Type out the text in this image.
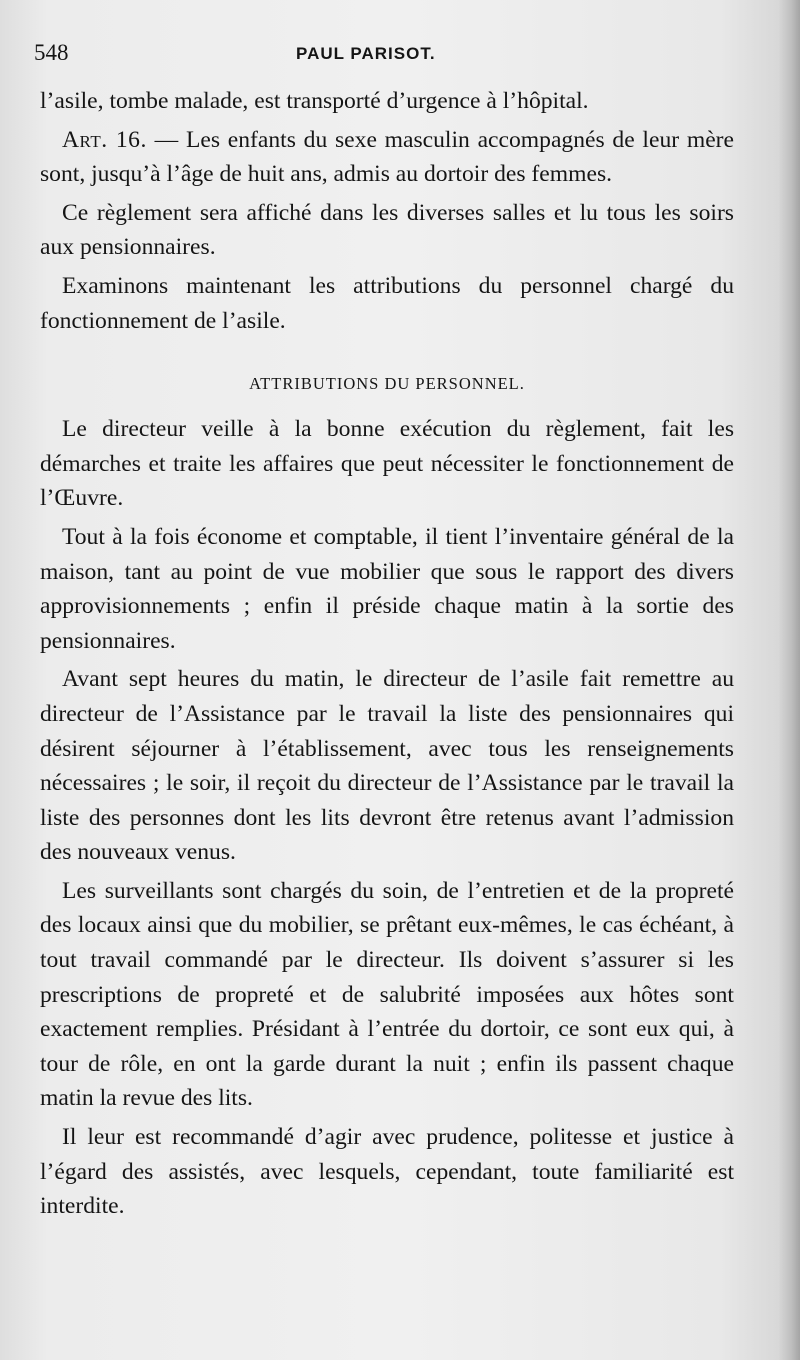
548	PAUL PARISOT.

l’asile, tombe malade, est transporté d’urgence à l’hôpital.

Art. 16. — Les enfants du sexe masculin accompagnés de leur mère sont, jusqu’à l’âge de huit ans, admis au dortoir des femmes.

Ce règlement sera affiché dans les diverses salles et lu tous les soirs aux pensionnaires.

Examinons maintenant les attributions du personnel chargé du fonctionnement de l’asile.

ATTRIBUTIONS DU PERSONNEL.

Le directeur veille à la bonne exécution du règlement, fait les démarches et traite les affaires que peut nécessiter le fonctionnement de l’Œuvre.

Tout à la fois économe et comptable, il tient l’inventaire général de la maison, tant au point de vue mobilier que sous le rapport des divers approvisionnements ; enfin il préside chaque matin à la sortie des pensionnaires.

Avant sept heures du matin, le directeur de l’asile fait remettre au directeur de l’Assistance par le travail la liste des pensionnaires qui désirent séjourner à l’établissement, avec tous les renseignements nécessaires ; le soir, il reçoit du directeur de l’Assistance par le travail la liste des personnes dont les lits devront être retenus avant l’admission des nouveaux venus.

Les surveillants sont chargés du soin, de l’entretien et de la propreté des locaux ainsi que du mobilier, se prêtant eux-mêmes, le cas échéant, à tout travail commandé par le directeur. Ils doivent s’assurer si les prescriptions de propreté et de salubrité imposées aux hôtes sont exactement remplies. Présidant à l’entrée du dortoir, ce sont eux qui, à tour de rôle, en ont la garde durant la nuit ; enfin ils passent chaque matin la revue des lits.

Il leur est recommandé d’agir avec prudence, politesse et justice à l’égard des assistés, avec lesquels, cependant, toute familiarité est interdite.
